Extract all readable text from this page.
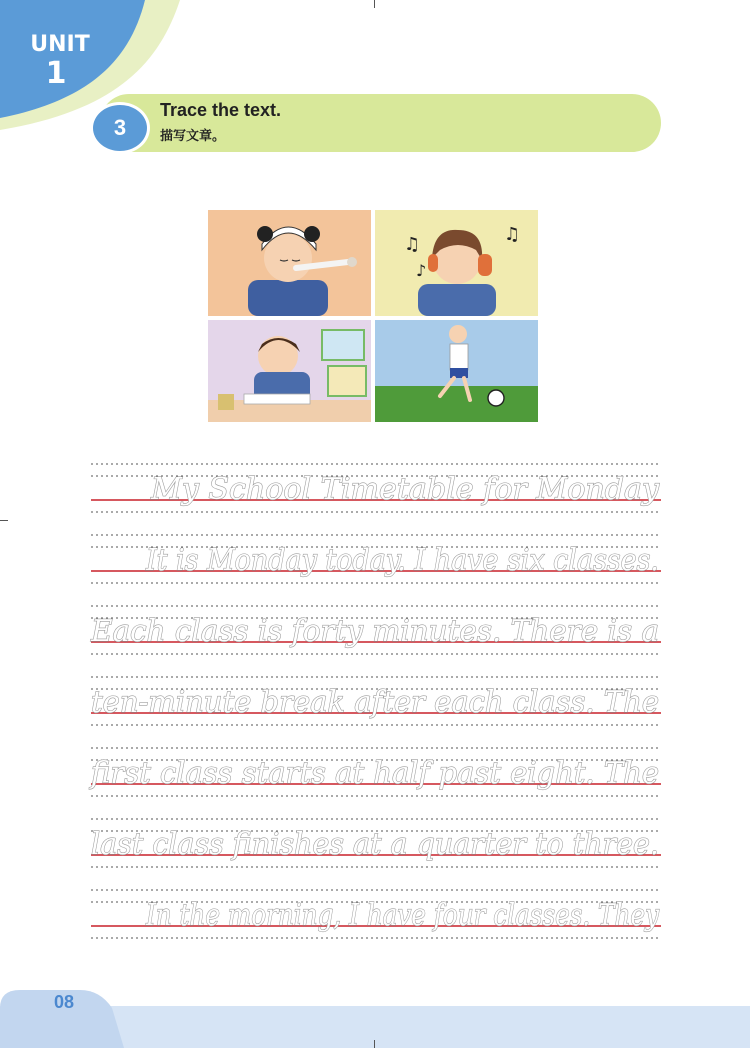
UNIT
1
3
Trace the text.
描写文章。
♫
♪
♫
My School Timetable for Monday
It is Monday today. I have six classes.
Each class is forty minutes. There is a
ten-minute break after each class. The
first class starts at half past eight. The
last class finishes at a quarter to three.
In the morning, I have four classes. They
08
